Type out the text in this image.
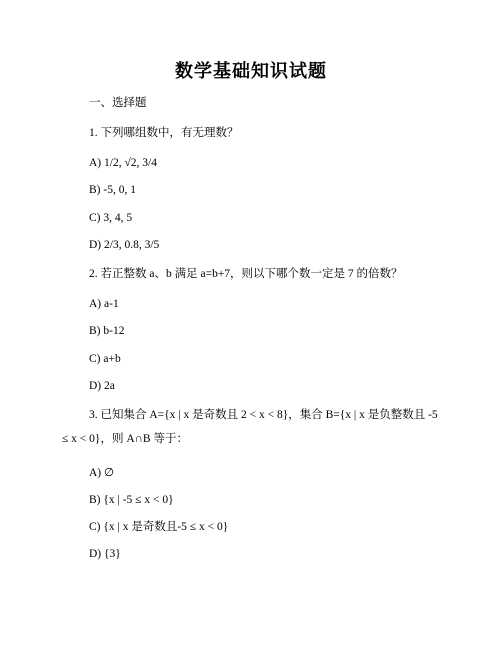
数学基础知识试题
一、选择题
1. 下列哪组数中，有无理数？
A) 1/2, √2, 3/4
B) -5, 0, 1
C) 3, 4, 5
D) 2/3, 0.8, 3/5
2. 若正整数 a、b 满足 a=b+7，则以下哪个数一定是 7 的倍数？
A) a-1
B) b-12
C) a+b
D) 2a
3. 已知集合 A={x | x 是奇数且 2 < x < 8}，集合 B={x | x 是负整数且 -5 ≤ x < 0}，则 A∩B 等于：
A) ∅
B) {x | -5 ≤ x < 0}
C) {x | x 是奇数且-5 ≤ x < 0}
D) {3}
